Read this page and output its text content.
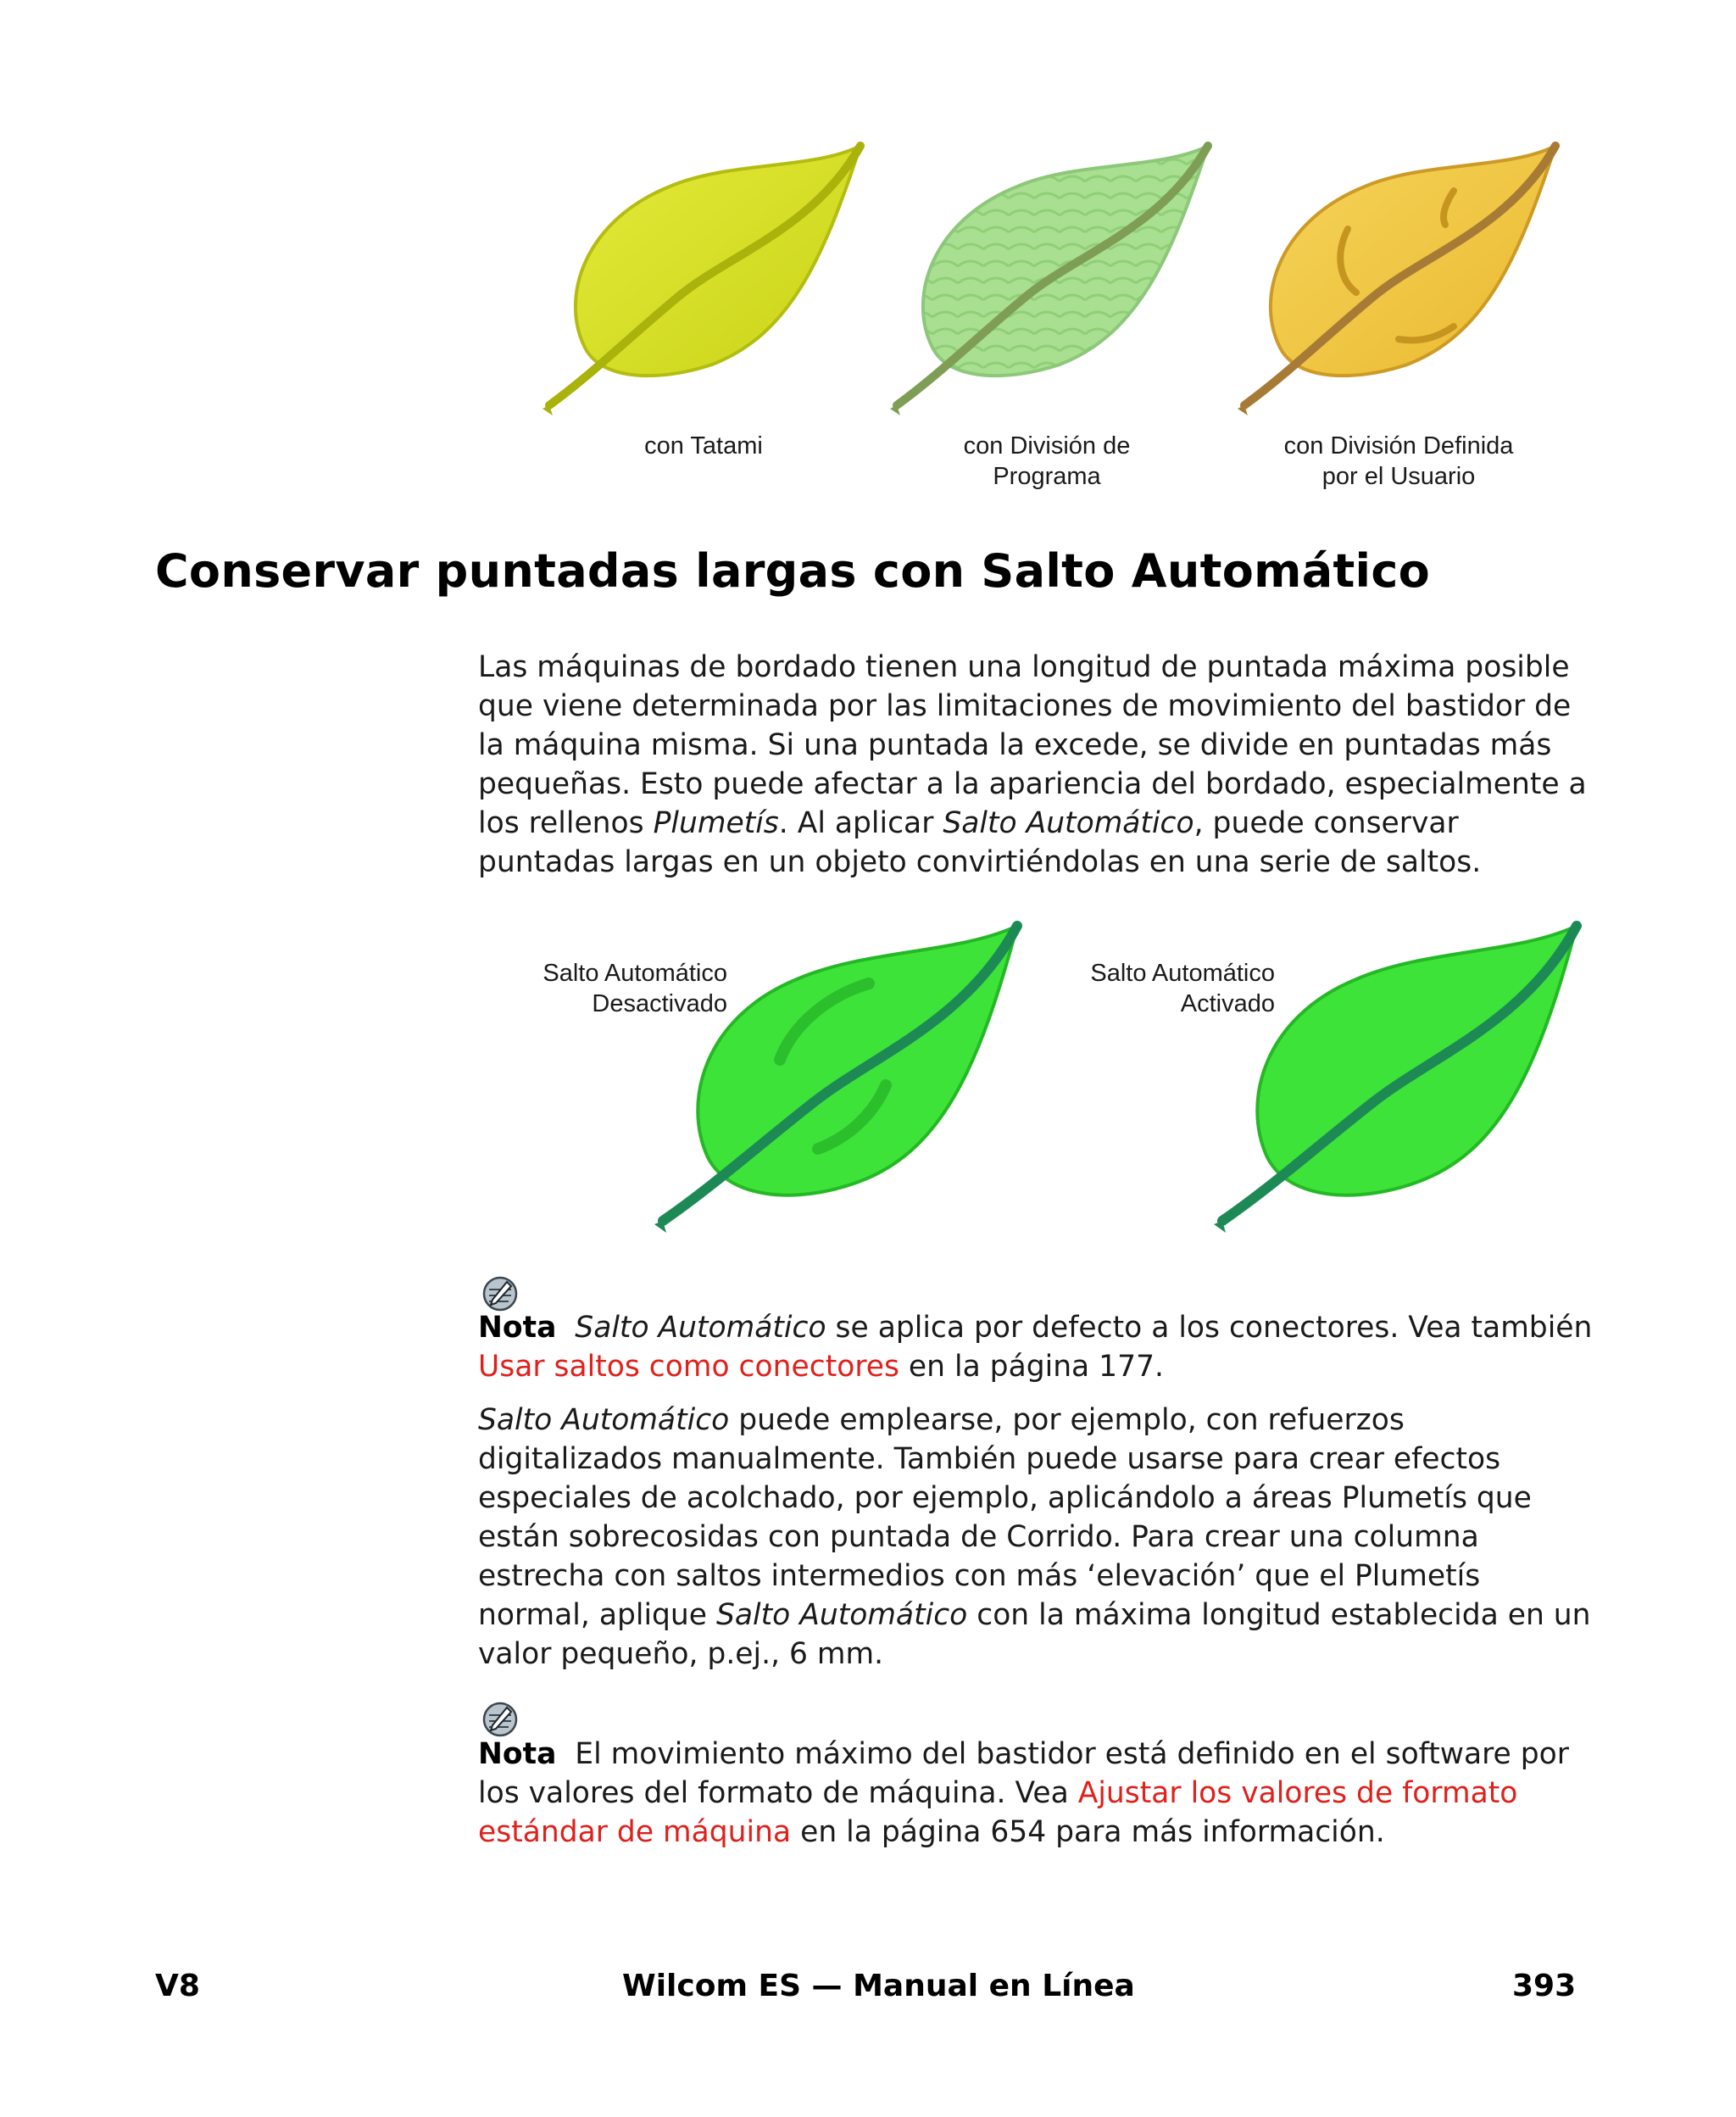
con Tatami	con División de
Programa
con División Definida
por el Usuario
Conservar puntadas largas con Salto Automático

Las máquinas de bordado tienen una longitud de puntada máxima posible que viene determinada por las limitaciones de movimiento del bastidor de la máquina misma. Si una puntada la excede, se divide en puntadas más pequeñas. Esto puede afectar a la apariencia del bordado, especialmente a los rellenos Plumetís. Al aplicar Salto Automático, puede conservar puntadas largas en un objeto convirtiéndolas en una serie de saltos.

Salto Automático
Desactivado
Salto Automático
Activado

Nota Salto Automático se aplica por defecto a los conectores. Vea también Usar saltos como conectores en la página 177.

Salto Automático puede emplearse, por ejemplo, con refuerzos digitalizados manualmente. También puede usarse para crear efectos especiales de acolchado, por ejemplo, aplicándolo a áreas Plumetís que están sobrecosidas con puntada de Corrido. Para crear una columna estrecha con saltos intermedios con más ‘elevación’ que el Plumetís normal, aplique Salto Automático con la máxima longitud establecida en un valor pequeño, p.ej., 6 mm.

Nota  El movimiento máximo del bastidor está definido en el software por los valores del formato de máquina. Vea Ajustar los valores de formato estándar de máquina en la página 654 para más información.

V8	Wilcom ES — Manual en Línea	393
